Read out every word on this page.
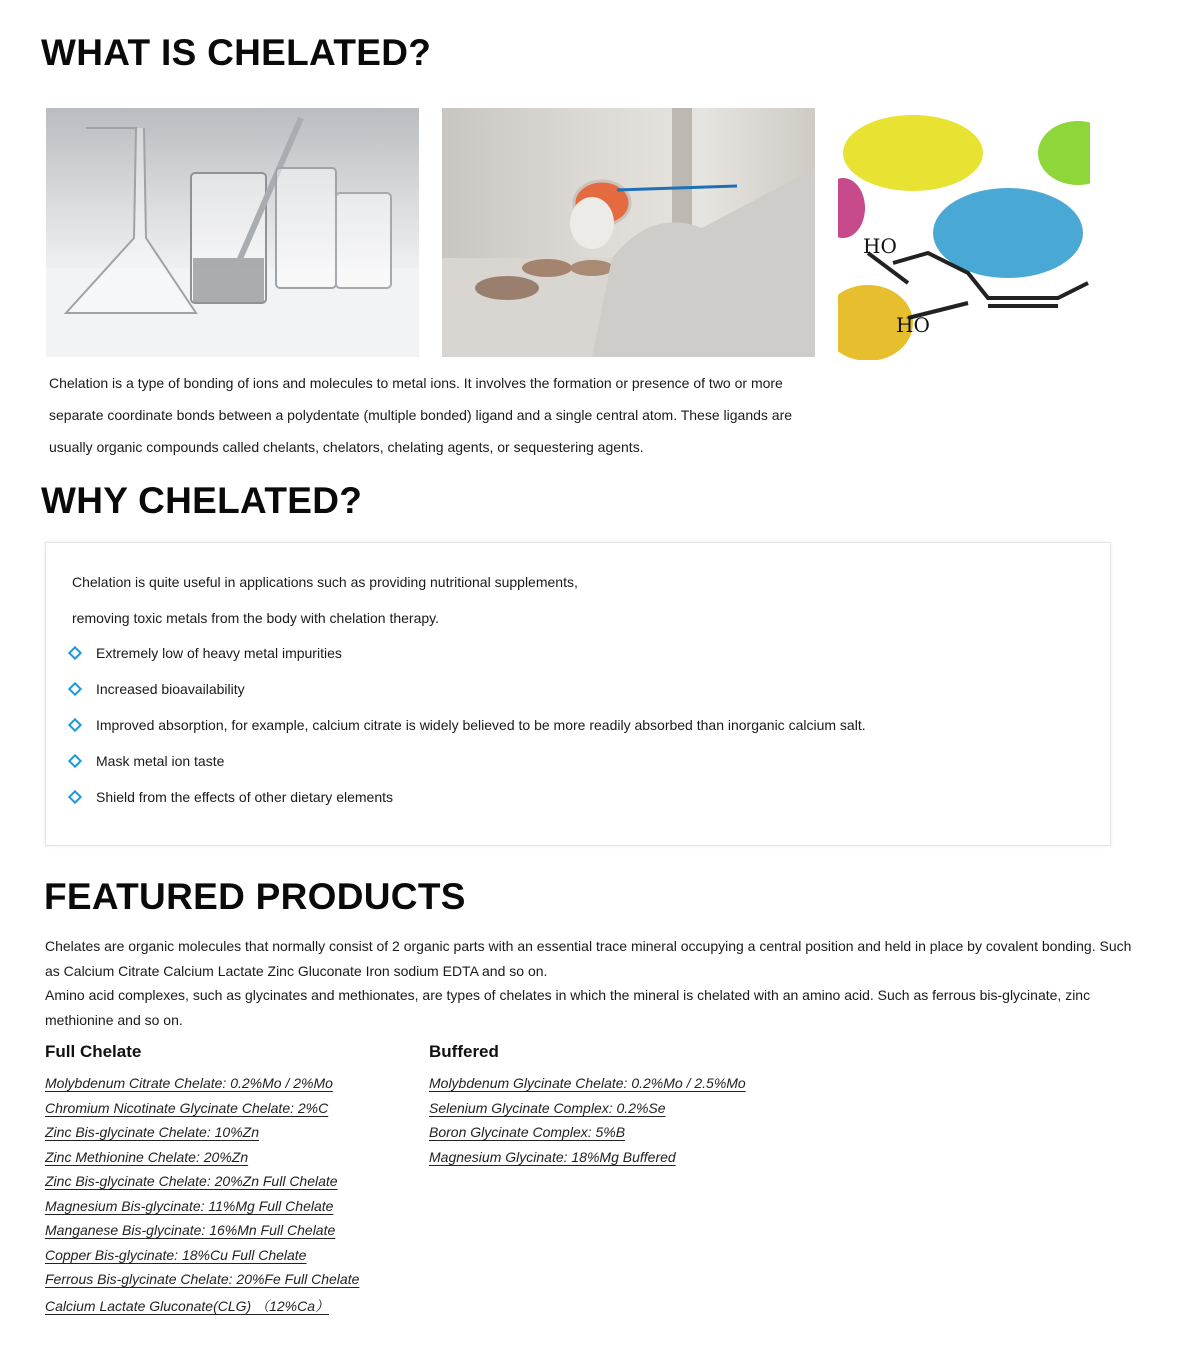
WHAT IS CHELATED?
HO
HO

Chelation is a type of bonding of ions and molecules to metal ions. It involves the formation or presence of two or more separate coordinate bonds between a polydentate (multiple bonded) ligand and a single central atom. These ligands are usually organic compounds called chelants, chelators, chelating agents, or sequestering agents.

WHY CHELATED?

Chelation is quite useful in applications such as providing nutritional supplements,

removing toxic metals from the body with chelation therapy.

Extremely low of heavy metal impurities
Increased bioavailability
Improved absorption, for example, calcium citrate is widely believed to be more readily absorbed than inorganic calcium salt.
Mask metal ion taste
Shield from the effects of other dietary elements
FEATURED PRODUCTS
Chelates are organic molecules that normally consist of 2 organic parts with an essential trace mineral occupying a central position and held in place by covalent bonding. Such as Calcium Citrate Calcium Lactate Zinc Gluconate Iron sodium EDTA and so on.
Amino acid complexes, such as glycinates and methionates, are types of chelates in which the mineral is chelated with an amino acid. Such as ferrous bis-glycinate, zinc methionine and so on.
Full Chelate
Molybdenum Citrate Chelate: 0.2%Mo / 2%Mo
Chromium Nicotinate Glycinate Chelate: 2%C
Zinc Bis-glycinate Chelate: 10%Zn
Zinc Methionine Chelate: 20%Zn
Zinc Bis-glycinate Chelate: 20%Zn Full Chelate
Magnesium Bis-glycinate: 11%Mg Full Chelate
Manganese Bis-glycinate: 16%Mn Full Chelate
Copper Bis-glycinate: 18%Cu Full Chelate
Ferrous Bis-glycinate Chelate: 20%Fe Full Chelate
Calcium Lactate Gluconate(CLG) （12%Ca）
Buffered
Molybdenum Glycinate Chelate: 0.2%Mo / 2.5%Mo
Selenium Glycinate Complex: 0.2%Se
Boron Glycinate Complex: 5%B
Magnesium Glycinate: 18%Mg Buffered
